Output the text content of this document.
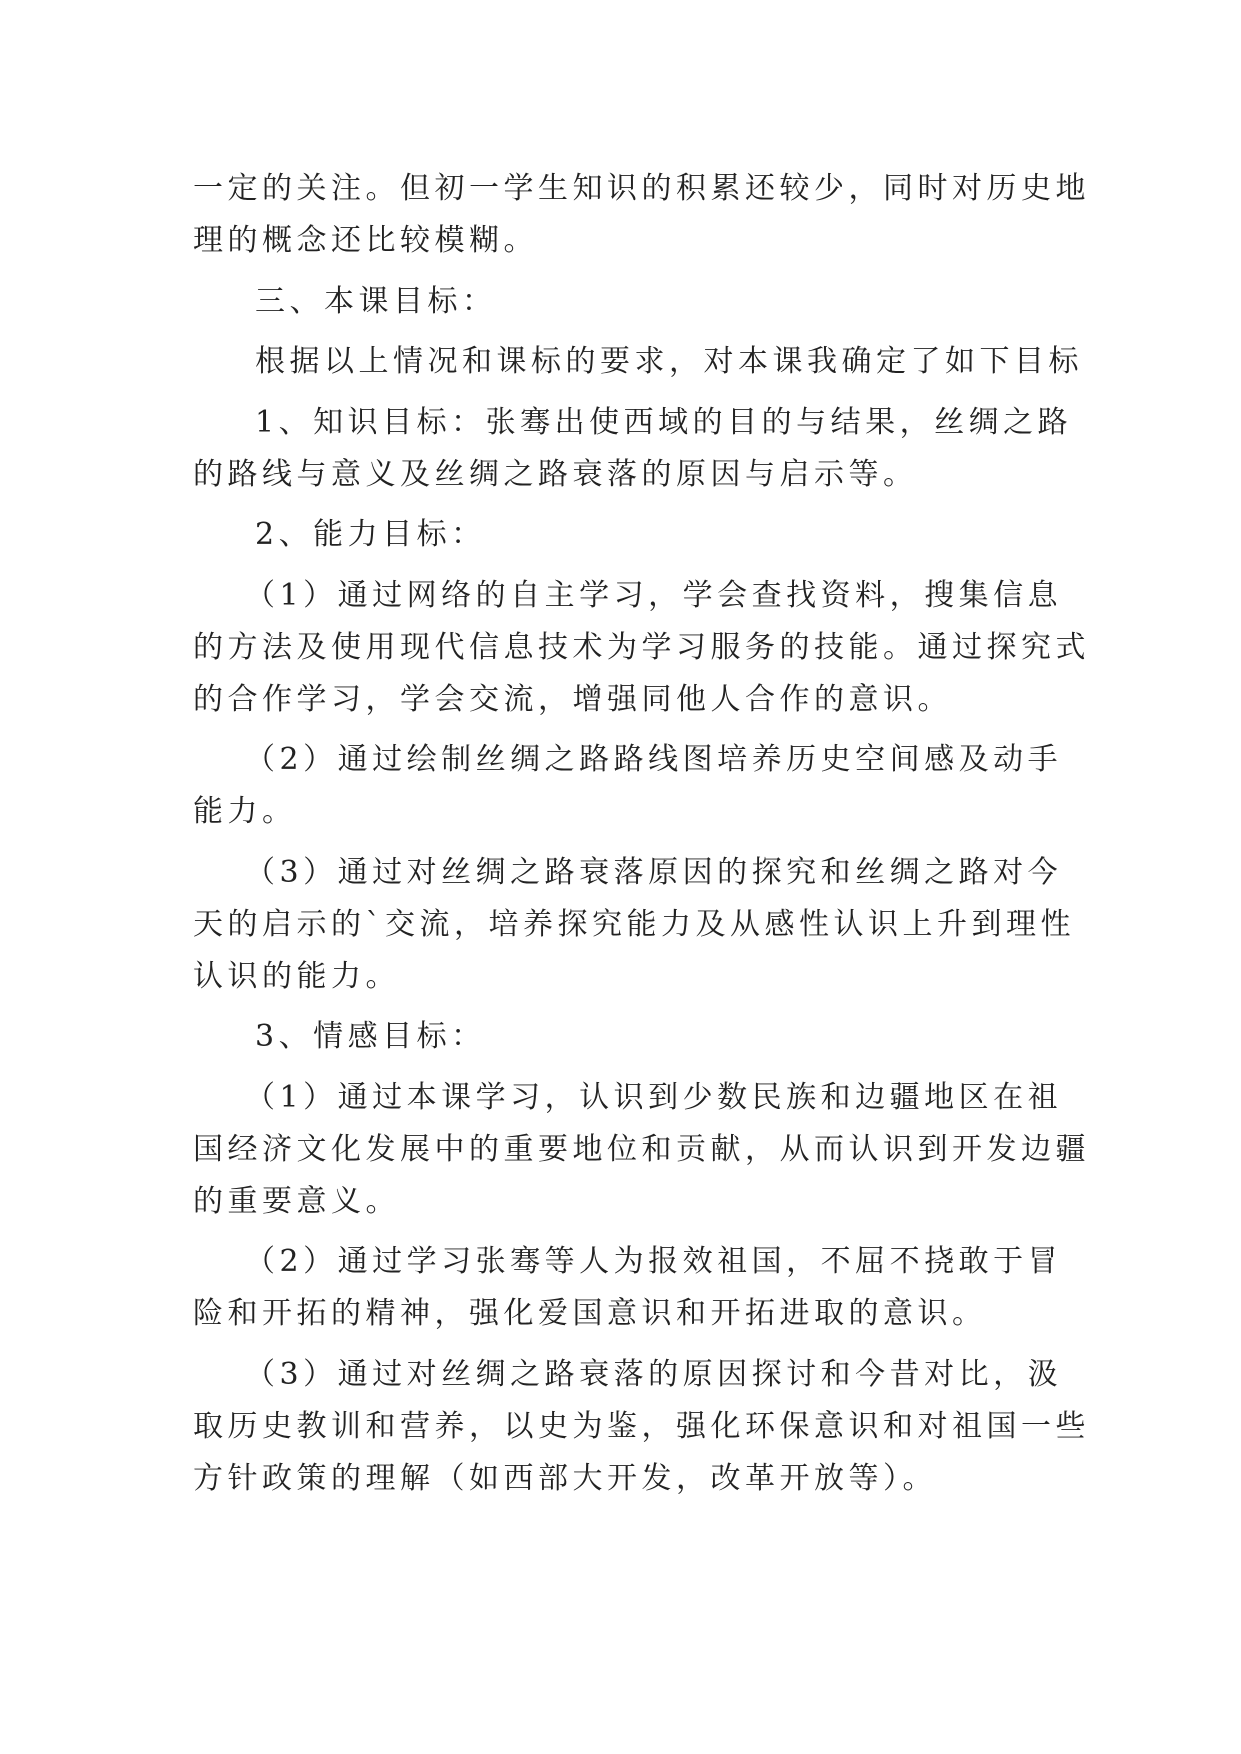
一定的关注。但初一学生知识的积累还较少，同时对历史地
理的概念还比较模糊。

三、本课目标：

根据以上情况和课标的要求，对本课我确定了如下目标

1、知识目标：张骞出使西域的目的与结果，丝绸之路
的路线与意义及丝绸之路衰落的原因与启示等。

2、能力目标：

（1）通过网络的自主学习，学会查找资料，搜集信息
的方法及使用现代信息技术为学习服务的技能。通过探究式
的合作学习，学会交流，增强同他人合作的意识。

（2）通过绘制丝绸之路路线图培养历史空间感及动手
能力。

（3）通过对丝绸之路衰落原因的探究和丝绸之路对今
天的启示的`交流，培养探究能力及从感性认识上升到理性
认识的能力。

3、情感目标：

（1）通过本课学习，认识到少数民族和边疆地区在祖
国经济文化发展中的重要地位和贡献，从而认识到开发边疆
的重要意义。

（2）通过学习张骞等人为报效祖国，不屈不挠敢于冒
险和开拓的精神，强化爱国意识和开拓进取的意识。

（3）通过对丝绸之路衰落的原因探讨和今昔对比，汲
取历史教训和营养，以史为鉴，强化环保意识和对祖国一些
方针政策的理解（如西部大开发，改革开放等）。
